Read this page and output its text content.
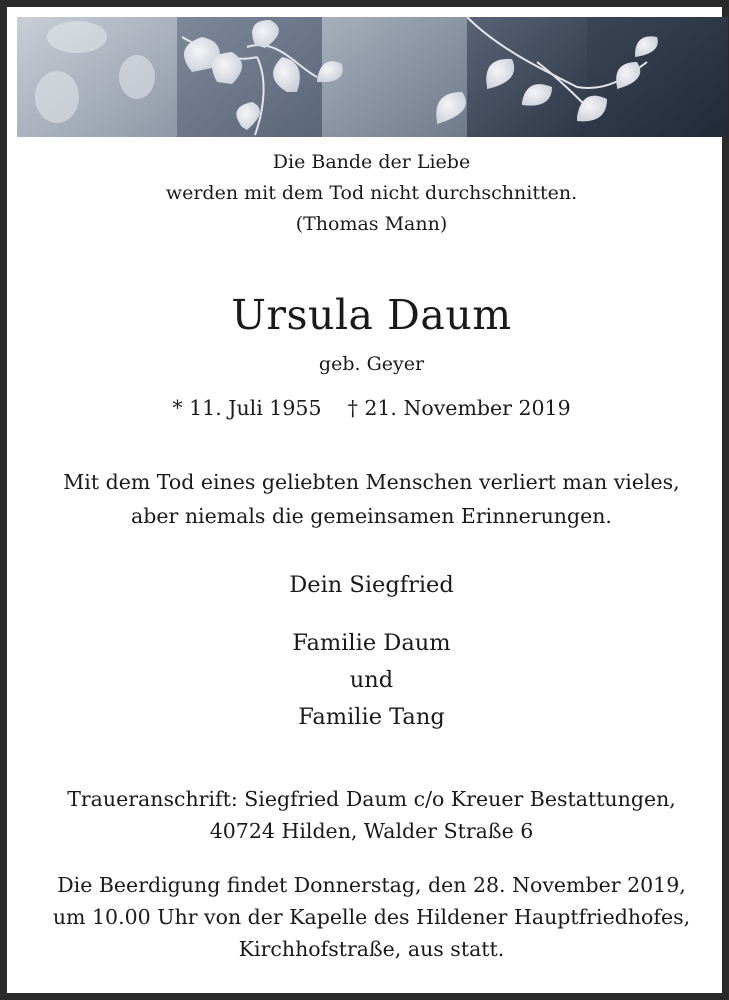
Die Bande der Liebe
werden mit dem Tod nicht durchschnitten.
(Thomas Mann)
Ursula Daum
geb. Geyer
* 11. Juli 1955 † 21. November 2019
Mit dem Tod eines geliebten Menschen verliert man vieles,
aber niemals die gemeinsamen Erinnerungen.
Dein Siegfried
Familie Daum
und
Familie Tang
Traueranschrift: Siegfried Daum c/o Kreuer Bestattungen,
40724 Hilden, Walder Straße 6
Die Beerdigung findet Donnerstag, den 28. November 2019,
um 10.00 Uhr von der Kapelle des Hildener Hauptfriedhofes,
Kirchhofstraße, aus statt.
